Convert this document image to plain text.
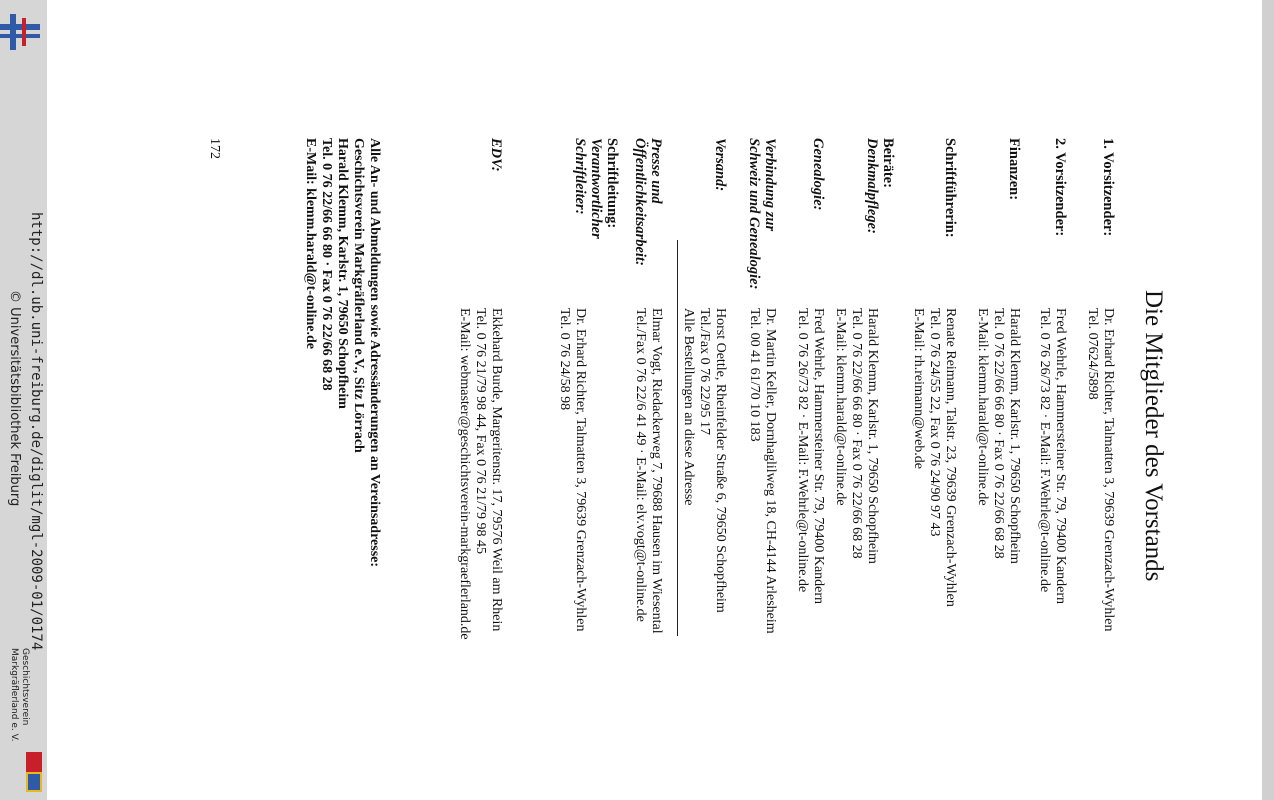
http://dl.ub.uni-freiburg.de/diglit/mgl-2009-01/0174
© Universitätsbibliothek Freiburg
Geschichtsverein
Markgräflerland e. V.
Die Mitglieder des Vorstands
1. Vorsitzender:
Dr. Erhard Richter, Talmatten 3, 79639 Grenzach-Wyhlen
Tel. 07624/5898
2. Vorsitzender:
Fred Wehrle, Hammersteiner Str. 79, 79400 Kandern
Tel. 0 76 26/73 82 · E-Mail: F.Wehrle@t-online.de
Finanzen:
Harald Klemm, Karlstr. 1, 79650 Schopfheim
Tel. 0 76 22/66 66 80 · Fax 0 76 22/66 68 28
E-Mail: klemm.harald@t-online.de
Schriftführerin:
Renate Reimann, Talstr. 23, 79639 Grenzach-Wyhlen
Tel. 0 76 24/55 22, Fax 0 76 24/90 97 43
E-Mail: rh.reimann@web.de
Beiräte:
Denkmalpflege:
Harald Klemm, Karlstr. 1, 79650 Schopfheim
Tel. 0 76 22/66 66 80 · Fax 0 76 22/66 68 28
E-Mail: klemm.harald@t-online.de
Genealogie:
Fred Wehrle, Hammersteiner Str. 79, 79400 Kandern
Tel. 0 76 26/73 82 · E-Mail: F.Wehrle@t-online.de
Verbindung zur
Schweiz und Genealogie:
Dr. Martin Keller, Dornhaglilweg 18, CH-4144 Arlesheim
Tel. 00 41 61/70 10 183
Versand:
Horst Oettle, Rheinfelder Straße 6, 79650 Schopfheim
Tel./Fax 0 76 22/95 17
Alle Bestellungen an diese Adresse
Presse und
Öffentlichkeitsarbeit:
Elmar Vogt, Riedackerweg 7, 79688 Hausen im Wiesental
Tel./Fax 0 76 22/6 41 49 · E-Mail: elv.vogt@t-online.de
Schriftleitung:
Verantwortlicher
Schriftleiter:
Dr. Erhard Richter, Talmatten 3, 79639 Grenzach-Wyhlen
Tel. 0 76 24/58 98
EDV:
Ekkehard Burde, Margeritenstr. 17, 79576 Weil am Rhein
Tel. 0 76 21/79 98 44, Fax 0 76 21/79 98 45
E-Mail: webmaster@geschichtsverein-markgraeflerland.de
Alle An- und Abmeldungen sowie Adressänderungen an Vereinsadresse:
Geschichtsverein Markgräflerland e.V., Sitz Lörrach
Harald Klemm, Karlstr. 1, 79650 Schopfheim
Tel. 0 76 22/66 66 80 · Fax 0 76 22/66 68 28
E-Mail: klemm.harald@t-online.de
172
